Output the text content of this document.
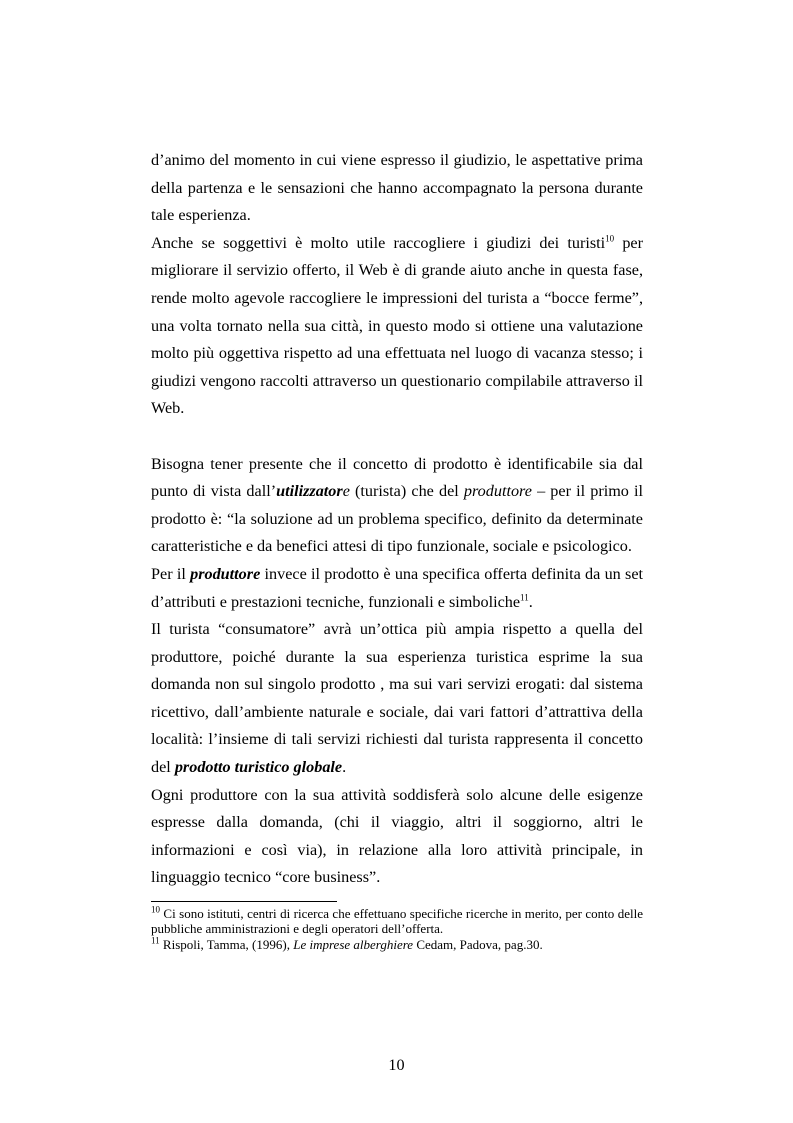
d’animo del momento in cui viene espresso il giudizio, le aspettative prima della partenza e le sensazioni che hanno accompagnato la persona durante tale esperienza.

Anche se soggettivi è molto utile raccogliere i giudizi dei turisti$^{10}$ per migliorare il servizio offerto, il Web è di grande aiuto anche in questa fase, rende molto agevole raccogliere le impressioni del turista a “bocce ferme”, una volta tornato nella sua città, in questo modo si ottiene una valutazione molto più oggettiva rispetto ad una effettuata nel luogo di vacanza stesso; i giudizi vengono raccolti attraverso un questionario compilabile attraverso il Web.

Bisogna tener presente che il concetto di prodotto è identificabile sia dal punto di vista dall’utilizzatore (turista) che del produttore – per il primo il prodotto è: “la soluzione ad un problema specifico, definito da determinate caratteristiche e da benefici attesi di tipo funzionale, sociale e psicologico.

Per il produttore invece il prodotto è una specifica offerta definita da un set d’attributi e prestazioni tecniche, funzionali e simboliche$^{11}$.

Il turista “consumatore” avrà un’ottica più ampia rispetto a quella del produttore, poiché durante la sua esperienza turistica esprime la sua domanda non sul singolo prodotto , ma sui vari servizi erogati: dal sistema ricettivo, dall’ambiente naturale e sociale, dai vari fattori d’attrattiva della località: l’insieme di tali servizi richiesti dal turista rappresenta il concetto del prodotto turistico globale.

Ogni produttore con la sua attività soddisferà solo alcune delle esigenze espresse dalla domanda, (chi il viaggio, altri il soggiorno, altri le informazioni e così via), in relazione alla loro attività principale, in linguaggio tecnico “core business”.

$^{10}$ Ci sono istituti, centri di ricerca che effettuano specifiche ricerche in merito, per conto delle pubbliche amministrazioni e degli operatori dell’offerta.

$^{11}$ Rispoli, Tamma, (1996), Le imprese alberghiere Cedam, Padova, pag.30.

10
